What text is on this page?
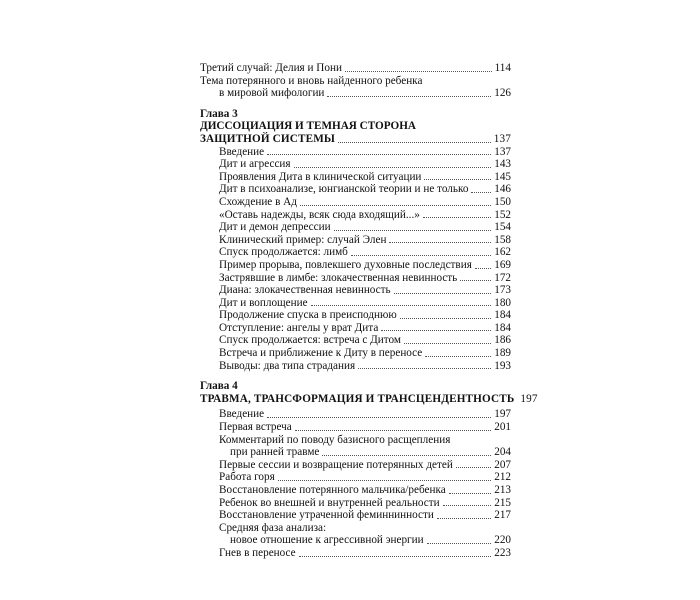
Третий случай: Делия и Пони	114
Тема потерянного и вновь найденного ребенка
в мировой мифологии	126
Глава 3
ДИССОЦИАЦИЯ И ТЕМНАЯ СТОРОНА
ЗАЩИТНОЙ СИСТЕМЫ	137
Введение	137
Дит и агрессия	143
Проявления Дита в клинической ситуации	145
Дит в психоанализе, юнгианской теории и не только 146
Схождение в Ад	150
«Оставь надежды, всяк сюда входящий...»	152
Дит и демон депрессии	154
Клинический пример: случай Элен	158
Спуск продолжается: лимб	162
Пример прорыва, повлекшего духовные последствия 169
Застрявшие в лимбе: злокачественная невинность	172
Диана: злокачественная невинность	173
Дит и воплощение	180
Продолжение спуска в преисподнюю	184
Отступление: ангелы у врат Дита	184
Спуск продолжается: встреча с Дитом	186
Встреча и приближение к Диту в переносе	189
Выводы: два типа страдания	193
Глава 4
ТРАВМА, ТРАНСФОРМАЦИЯ И ТРАНСЦЕНДЕНТНОСТЬ 197
Введение	197
Первая встреча	201
Комментарий по поводу базисного расщепления
при ранней травме	204
Первые сессии и возвращение потерянных детей	207
Работа горя	212
Восстановление потерянного мальчика/ребенка	213
Ребенок во внешней и внутренней реальности	215
Восстановление утраченной феминнинности	217
Средняя фаза анализа:
новое отношение к агрессивной энергии	220
Гнев в переносе	223
